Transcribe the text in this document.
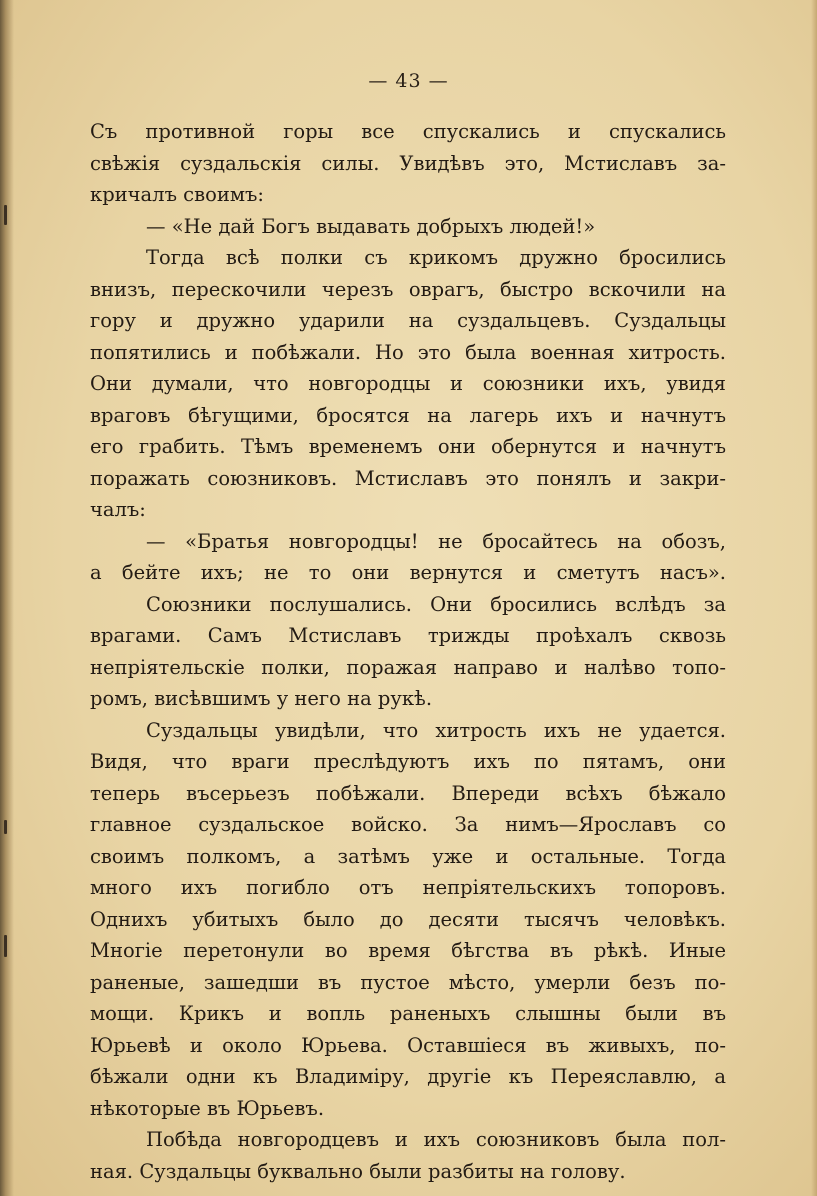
— 43 —
Съ противной горы все спускались и спускались
свѣжія суздальскія силы. Увидѣвъ это, Мстиславъ за-
кричалъ своимъ:
— «Не дай Богъ выдавать добрыхъ людей!»
Тогда всѣ полки съ крикомъ дружно бросились
внизъ, перескочили черезъ оврагъ, быстро вскочили на
гору и дружно ударили на суздальцевъ. Суздальцы
попятились и побѣжали. Но это была военная хитрость.
Они думали, что новгородцы и союзники ихъ, увидя
враговъ бѣгущими, бросятся на лагерь ихъ и начнутъ
его грабить. Тѣмъ временемъ они обернутся и начнутъ
поражать союзниковъ. Мстиславъ это понялъ и закри-
чалъ:
— «Братья новгородцы! не бросайтесь на обозъ,
а бейте ихъ; не то они вернутся и сметутъ насъ».
Союзники послушались. Они бросились вслѣдъ за
врагами. Самъ Мстиславъ трижды проѣхалъ сквозь
непріятельскіе полки, поражая направо и налѣво топо-
ромъ, висѣвшимъ у него на рукѣ.
Суздальцы увидѣли, что хитрость ихъ не удается.
Видя, что враги преслѣдуютъ ихъ по пятамъ, они
теперь въсерьезъ побѣжали. Впереди всѣхъ бѣжало
главное суздальское войско. За нимъ—Ярославъ со
своимъ полкомъ, а затѣмъ уже и остальные. Тогда
много ихъ погибло отъ непріятельскихъ топоровъ.
Однихъ убитыхъ было до десяти тысячъ человѣкъ.
Многіе перетонули во время бѣгства въ рѣкѣ. Иные
раненые, зашедши въ пустое мѣсто, умерли безъ по-
мощи. Крикъ и вопль раненыхъ слышны были въ
Юрьевѣ и около Юрьева. Оставшіеся въ живыхъ, по-
бѣжали одни къ Владиміру, другіе къ Переяславлю, а
нѣкоторые въ Юрьевъ.
Побѣда новгородцевъ и ихъ союзниковъ была пол-
ная. Суздальцы буквально были разбиты на голову.
